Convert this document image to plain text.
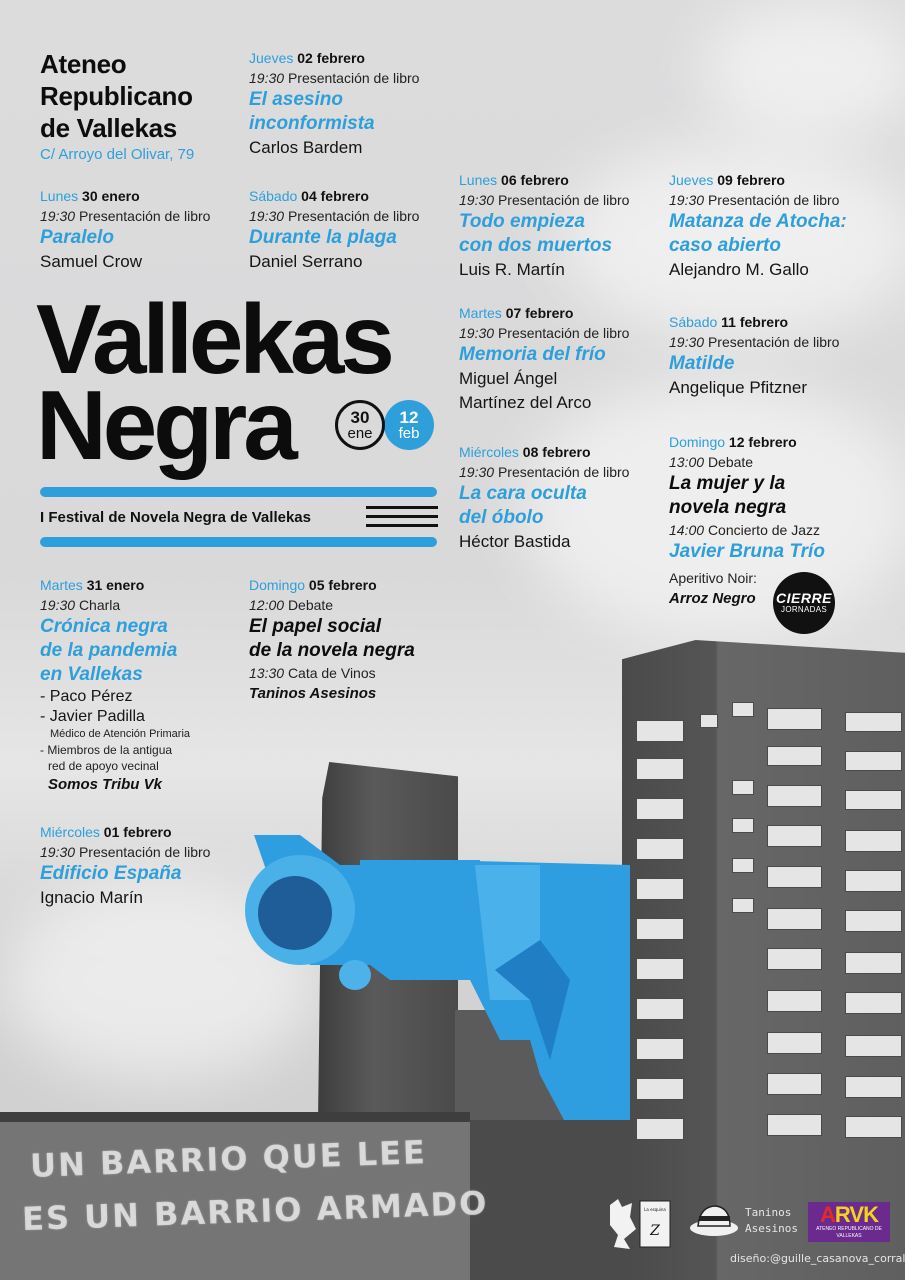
UN BARRIO QUE LEE
ES UN BARRIO ARMADO
Ateneo
Republicano
de Vallekas
C/ Arroyo del Olivar, 79
Lunes 30 enero
19:30 Presentación de libro
Paralelo
Samuel Crow
Jueves 02 febrero
19:30 Presentación de libro
El asesino
inconformista
Carlos Bardem
Sábado 04 febrero
19:30 Presentación de libro
Durante la plaga
Daniel Serrano
Lunes 06 febrero
19:30 Presentación de libro
Todo empieza
con dos muertos
Luis R. Martín
Martes 07 febrero
19:30 Presentación de libro
Memoria del frío
Miguel Ángel
Martínez del Arco
Miércoles 08 febrero
19:30 Presentación de libro
La cara oculta
del óbolo
Héctor Bastida
Jueves 09 febrero
19:30 Presentación de libro
Matanza de Atocha:
caso abierto
Alejandro M. Gallo
Sábado 11 febrero
19:30 Presentación de libro
Matilde
Angelique Pfitzner
Domingo 12 febrero
13:00 Debate
La mujer y la
novela negra
14:00 Concierto de Jazz
Javier Bruna Trío
Aperitivo Noir:
Arroz Negro	CIERRE
JORNADAS
Vallekas
Negra	12
feb
30
ene
I Festival de Novela Negra de Vallekas
Martes 31 enero
19:30 Charla
Crónica negra
de la pandemia
en Vallekas
- Paco Pérez
- Javier Padilla
Médico de Atención Primaria
- Miembros de la antigua
red de apoyo vecinal
Somos Tribu Vk
Domingo 05 febrero
12:00 Debate
El papel social
de la novela negra
13:30 Cata de Vinos
Taninos Asesinos
Miércoles 01 febrero
19:30 Presentación de libro
Edificio España
Ignacio Marín
La esquina
Z
Taninos
Asesinos
ARVK
ATENEO REPUBLICANO DE VALLEKAS
diseño:@guille_casanova_corral
